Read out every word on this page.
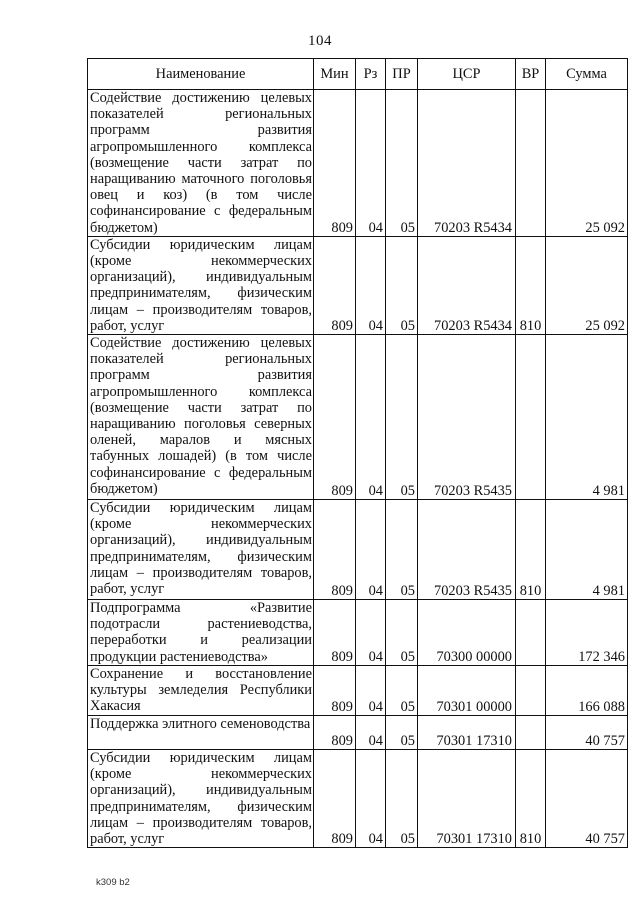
104
Наименование	Мин	Рз	ПР	ЦСР	ВР	Сумма
Содействие достижению целевых показателей региональных программ развития агропромышленного комплекса (возмещение части затрат по наращиванию маточного поголовья овец и коз) (в том числе софинансирование с федеральным бюджетом)	809	04	05	70203 R5434		25 092
Субсидии юридическим лицам (кроме некоммерческих организаций), индивидуальным предпринимателям, физическим лицам – производителям товаров, работ, услуг	809	04	05	70203 R5434	810	25 092
Содействие достижению целевых показателей региональных программ развития агропромышленного комплекса (возмещение части затрат по наращиванию поголовья северных оленей, маралов и мясных табунных лошадей) (в том числе софинансирование с федеральным бюджетом)	809	04	05	70203 R5435		4 981
Субсидии юридическим лицам (кроме некоммерческих организаций), индивидуальным предпринимателям, физическим лицам – производителям товаров, работ, услуг	809	04	05	70203 R5435	810	4 981
Подпрограмма «Развитие подотрасли растениеводства, переработки и реализации продукции растениеводства»	809	04	05	70300 00000		172 346
Сохранение и восстановление культуры земледелия Республики Хакасия	809	04	05	70301 00000		166 088
Поддержка элитного семеноводства	809	04	05	70301 17310		40 757
Субсидии юридическим лицам (кроме некоммерческих организаций), индивидуальным предпринимателям, физическим лицам – производителям товаров, работ, услуг	809	04	05	70301 17310	810	40 757
k309 b2
